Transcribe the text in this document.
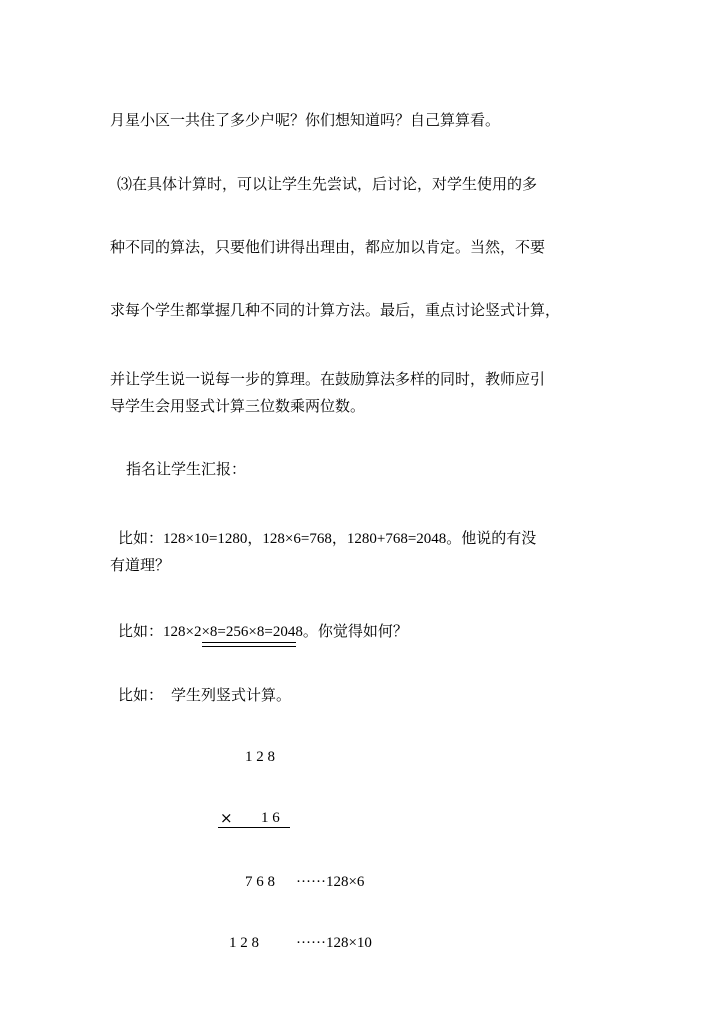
月星小区一共住了多少户呢？你们想知道吗？自己算算看。
⑶在具体计算时，可以让学生先尝试，后讨论，对学生使用的多
种不同的算法，只要他们讲得出理由，都应加以肯定。当然，不要
求每个学生都掌握几种不同的计算方法。最后，重点讨论竖式计算，
并让学生说一说每一步的算理。在鼓励算法多样的同时，教师应引
导学生会用竖式计算三位数乘两位数。
指名让学生汇报：
比如：128×10=1280，128×6=768，1280+768=2048。他说的有没
有道理？
比如：128×2×8=256×8=2048。你觉得如何？
比如： 学生列竖式计算。
1 2 8
× 1 6
7 6 8 ······128×6
1 2 8 ······128×10
